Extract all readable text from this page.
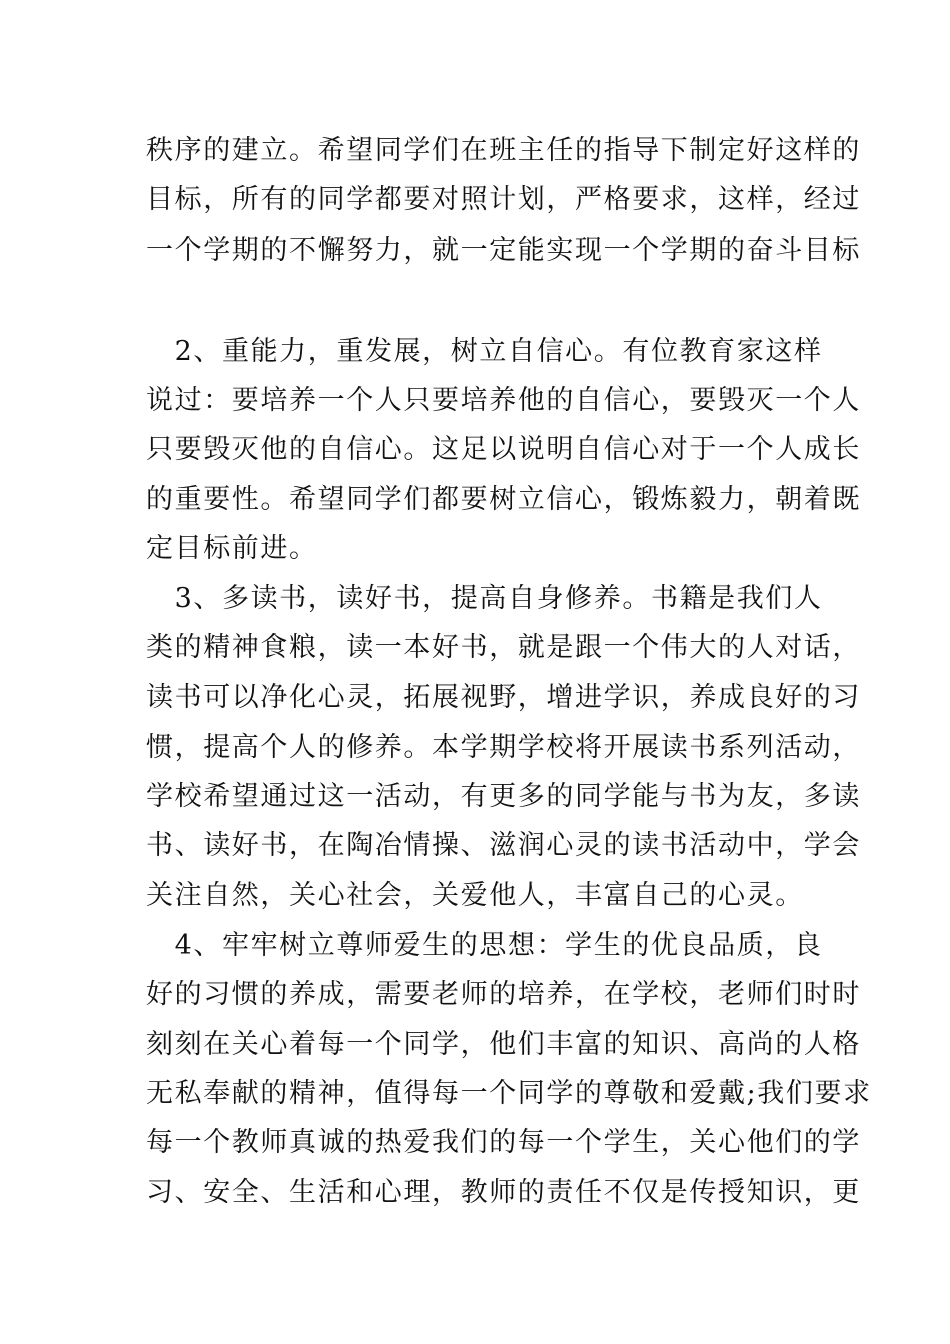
秩序的建立。希望同学们在班主任的指导下制定好这样的
目标，所有的同学都要对照计划，严格要求，这样，经过
一个学期的不懈努力，就一定能实现一个学期的奋斗目标
　2、重能力，重发展，树立自信心。有位教育家这样
说过：要培养一个人只要培养他的自信心，要毁灭一个人
只要毁灭他的自信心。这足以说明自信心对于一个人成长
的重要性。希望同学们都要树立信心，锻炼毅力，朝着既
定目标前进。
　3、多读书，读好书，提高自身修养。书籍是我们人
类的精神食粮，读一本好书，就是跟一个伟大的人对话，
读书可以净化心灵，拓展视野，增进学识，养成良好的习
惯，提高个人的修养。本学期学校将开展读书系列活动，
学校希望通过这一活动，有更多的同学能与书为友，多读
书、读好书，在陶冶情操、滋润心灵的读书活动中，学会
关注自然，关心社会，关爱他人，丰富自己的心灵。
　4、牢牢树立尊师爱生的思想：学生的优良品质，良
好的习惯的养成，需要老师的培养，在学校，老师们时时
刻刻在关心着每一个同学，他们丰富的知识、高尚的人格
无私奉献的精神，值得每一个同学的尊敬和爱戴;我们要求
每一个教师真诚的热爱我们的每一个学生，关心他们的学
习、安全、生活和心理，教师的责任不仅是传授知识，更
